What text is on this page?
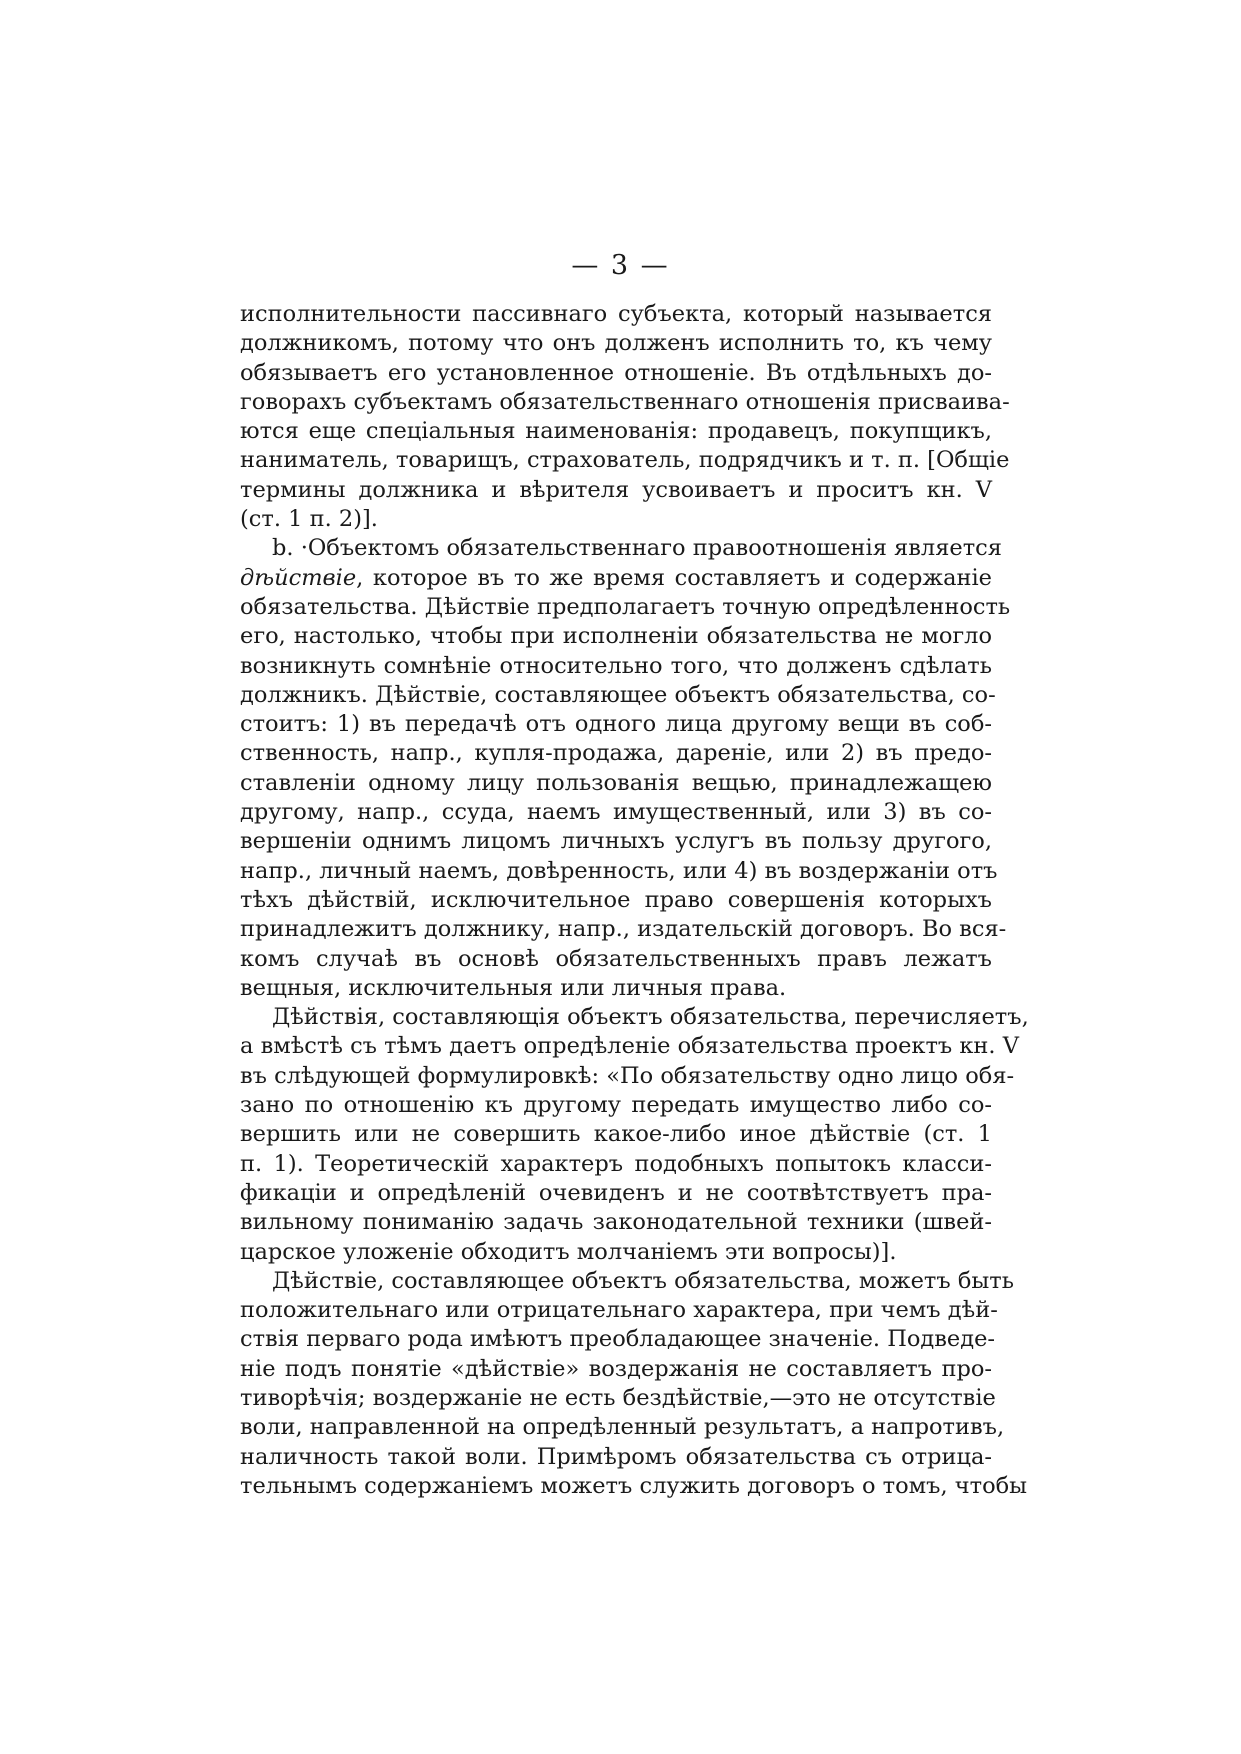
— 3 —
исполнительности пассивнаго субъекта, который называется
должникомъ, потому что онъ долженъ исполнить то, къ чему
обязываетъ его установленное отношеніе. Въ отдѣльныхъ до-
говорахъ субъектамъ обязательственнаго отношенія присваива-
ются еще спеціальныя наименованія: продавецъ, покупщикъ,
наниматель, товарищъ, страхователь, подрядчикъ и т. п. [Общіе
термины должника и вѣрителя усвоиваетъ и проситъ кн. V
(ст. 1 п. 2)].
b. ·Объектомъ обязательственнаго правоотношенія является
дѣйствіе, которое въ то же время составляетъ и содержаніе
обязательства. Дѣйствіе предполагаетъ точную опредѣленность
его, настолько, чтобы при исполненіи обязательства не могло
возникнуть сомнѣніе относительно того, что долженъ сдѣлать
должникъ. Дѣйствіе, составляющее объектъ обязательства, со-
стоитъ: 1) въ передачѣ отъ одного лица другому вещи въ соб-
ственность, напр., купля-продажа, дареніе, или 2) въ предо-
ставленіи одному лицу пользованія вещью, принадлежащею
другому, напр., ссуда, наемъ имущественный, или 3) въ со-
вершеніи однимъ лицомъ личныхъ услугъ въ пользу другого,
напр., личный наемъ, довѣренность, или 4) въ воздержаніи отъ
тѣхъ дѣйствій, исключительное право совершенія которыхъ
принадлежитъ должнику, напр., издательскій договоръ. Во вся-
комъ случаѣ въ основѣ обязательственныхъ правъ лежатъ
вещныя, исключительныя или личныя права.
Дѣйствія, составляющія объектъ обязательства, перечисляетъ,
а вмѣстѣ съ тѣмъ даетъ опредѣленіе обязательства проектъ кн. V
въ слѣдующей формулировкѣ: «По обязательству одно лицо обя-
зано по отношенію къ другому передать имущество либо со-
вершить или не совершить какое-либо иное дѣйствіе (ст. 1
п. 1). Теоретическій характеръ подобныхъ попытокъ класси-
фикаціи и опредѣленій очевиденъ и не соотвѣтствуетъ пра-
вильному пониманію задачь законодательной техники (швей-
царское уложеніе обходитъ молчаніемъ эти вопросы)].
Дѣйствіе, составляющее объектъ обязательства, можетъ быть
положительнаго или отрицательнаго характера, при чемъ дѣй-
ствія перваго рода имѣютъ преобладающее значеніе. Подведе-
ніе подъ понятіе «дѣйствіе» воздержанія не составляетъ про-
тиворѣчія; воздержаніе не есть бездѣйствіе,—это не отсутствіе
воли, направленной на опредѣленный результатъ, а напротивъ,
наличность такой воли. Примѣромъ обязательства съ отрица-
тельнымъ содержаніемъ можетъ служить договоръ о томъ, чтобы
